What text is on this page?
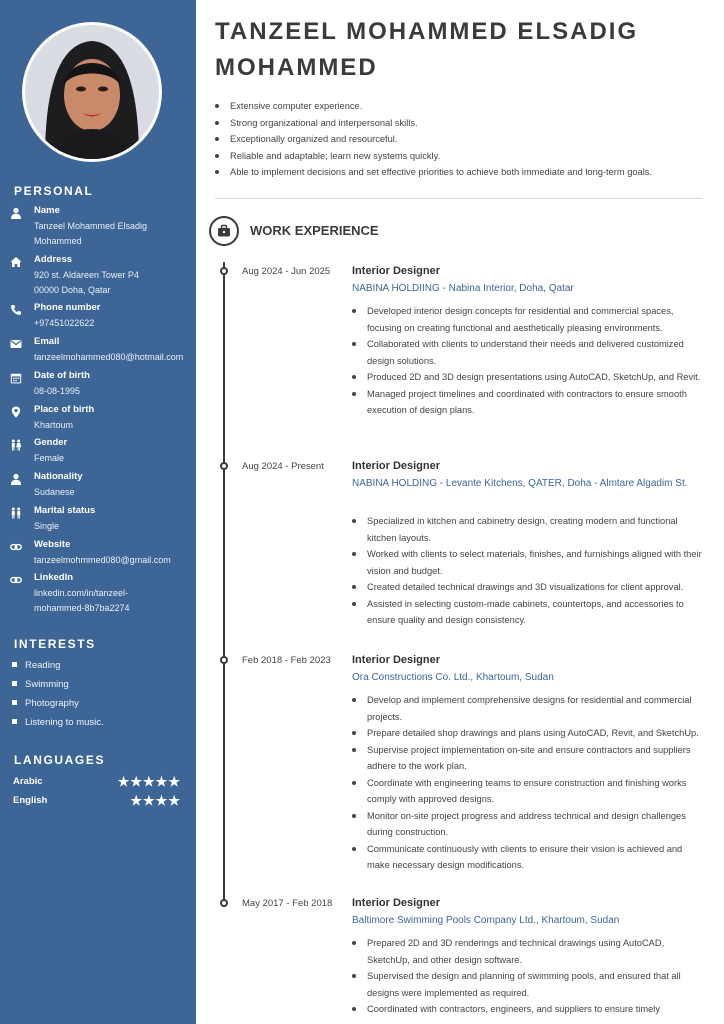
PERSONAL
Name
Tanzeel Mohammed Elsadig
Mohammed
Address
920 st. Aldareen Tower P4
00000 Doha, Qatar
Phone number
+97451022622
Email
tanzeelmohammed080@hotmail.com
Date of birth
08-08-1995
Place of birth
Khartoum
Gender
Female
Nationality
Sudanese
Marital status
Single
Website
tanzeelmohmmed080@gmail.com
LinkedIn
linkedin.com/in/tanzeel-
mohammed-8b7ba2274
INTERESTS
Reading
Swimming
Photography
Listening to music.
LANGUAGES
Arabic	★★★★★
English	★★★★
TANZEEL MOHAMMED ELSADIG MOHAMMED
Extensive computer experience.
Strong organizational and interpersonal skills.
Exceptionally organized and resourceful.
Reliable and adaptable; learn new systems quickly.
Able to implement decisions and set effective priorities to achieve both immediate and long-term goals.
WORK EXPERIENCE
Aug 2024 - Jun 2025 Interior Designer
NABINA HOLDIING - Nabina Interior, Doha, Qatar
Developed interior design concepts for residential and commercial spaces, focusing on creating functional and aesthetically pleasing environments.
Collaborated with clients to understand their needs and delivered customized design solutions.
Produced 2D and 3D design presentations using AutoCAD, SketchUp, and Revit.
Managed project timelines and coordinated with contractors to ensure smooth execution of design plans.
Aug 2024 - Present	Interior Designer
NABINA HOLDING - Levante Kitchens, QATER, Doha - Almtare Algadim St.
Specialized in kitchen and cabinetry design, creating modern and functional kitchen layouts.
Worked with clients to select materials, finishes, and furnishings aligned with their vision and budget.
Created detailed technical drawings and 3D visualizations for client approval.
Assisted in selecting custom-made cabinets, countertops, and accessories to ensure quality and design consistency.
Feb 2018 - Feb 2023 Interior Designer
Ora Constructions Co. Ltd., Khartoum, Sudan
Develop and implement comprehensive designs for residential and commercial projects.
Prepare detailed shop drawings and plans using AutoCAD, Revit, and SketchUp.
Supervise project implementation on-site and ensure contractors and suppliers adhere to the work plan.
Coordinate with engineering teams to ensure construction and finishing works comply with approved designs.
Monitor on-site project progress and address technical and design challenges during construction.
Communicate continuously with clients to ensure their vision is achieved and make necessary design modifications.
May 2017 - Feb 2018 Interior Designer
Baltimore Swimming Pools Company Ltd., Khartoum, Sudan
Prepared 2D and 3D renderings and technical drawings using AutoCAD, SketchUp, and other design software.
Supervised the design and planning of swimming pools, and ensured that all designs were implemented as required.
Coordinated with contractors, engineers, and suppliers to ensure timely
